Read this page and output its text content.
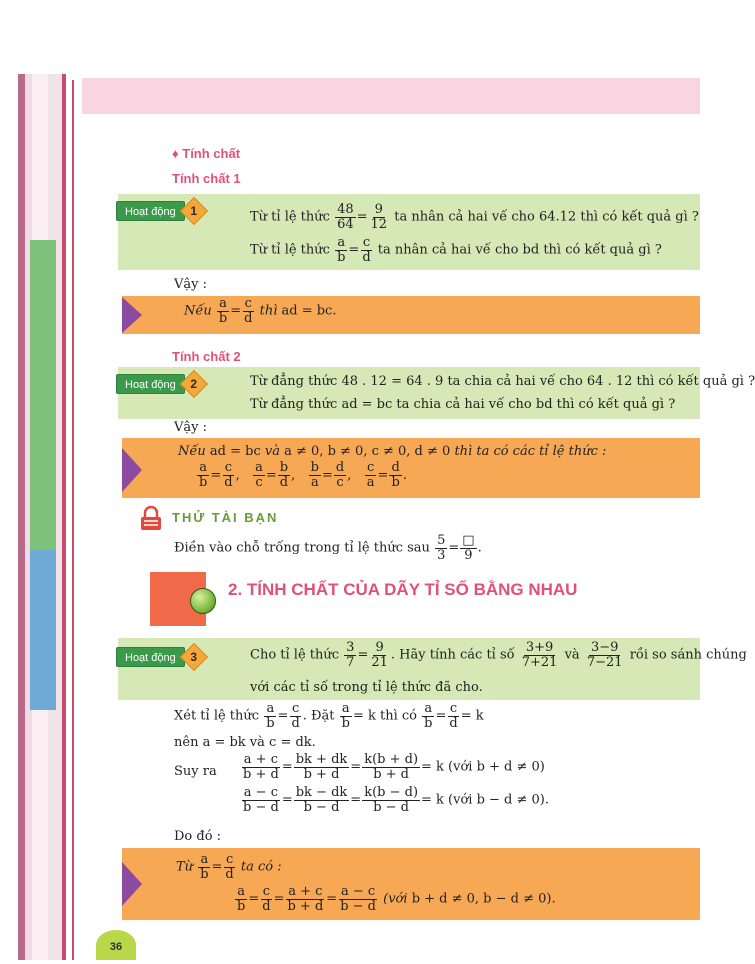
♦ Tính chất
Tính chất 1
Hoạt động	1	Từ tỉ lệ thức $\frac{48}{64} = \frac{9}{12}$ ta nhân cả hai vế cho 64.12 thì có kết quả gì ?
Từ tỉ lệ thức $\frac{a}{b} = \frac{c}{d}$ ta nhân cả hai vế cho bd thì có kết quả gì ?
Vậy :
Nếu $\frac{a}{b} = \frac{c}{d}$ thì ad = bc.
Tính chất 2
Hoạt động	2	Từ đẳng thức 48 . 12 = 64 . 9 ta chia cả hai vế cho 64 . 12 thì có kết quả gì ?
Từ đẳng thức ad = bc ta chia cả hai vế cho bd thì có kết quả gì ?
Vậy :
Nếu ad = bc và a ≠ 0, b ≠ 0, c ≠ 0, d ≠ 0 thì ta có các tỉ lệ thức :
$\frac{a}{b} = \frac{c}{d}$ , $\frac{a}{c} = \frac{b}{d}$ , $\frac{b}{a} = \frac{d}{c}$ , $\frac{c}{a} = \frac{d}{b}$ .
THỬ TÀI BẠN
Điền vào chỗ trống trong tỉ lệ thức sau $\frac{5}{3} = \frac{□}{9}$ .
2. TÍNH CHẤT CỦA DÃY TỈ SỐ BẰNG NHAU
Hoạt động	3	Cho tỉ lệ thức $\frac{3}{7} = \frac{9}{21}$ . Hãy tính các tỉ số $\frac{3+9}{7+21}$ và $\frac{3-9}{7-21}$ rồi so sánh chúng
với các tỉ số trong tỉ lệ thức đã cho.
Xét tỉ lệ thức $\frac{a}{b} = \frac{c}{d}$ . Đặt $\frac{a}{b} = k$ thì có $\frac{a}{b} = \frac{c}{d} = k$
nên a = bk và c = dk.
Suy ra $\frac{a + c}{b + d} = \frac{bk + dk}{b + d} = \frac{k(b + d)}{b + d} = k$ (với b + d ≠ 0)
$\frac{a - c}{b - d} = \frac{bk - dk}{b - d} = \frac{k(b - d)}{b - d} = k$ (với b − d ≠ 0).
Do đó :
Từ $\frac{a}{b} = \frac{c}{d}$ ta có :
$\frac{a}{b} = \frac{c}{d} = \frac{a + c}{b + d} = \frac{a - c}{b - d}$ (với b + d ≠ 0, b − d ≠ 0).
36
